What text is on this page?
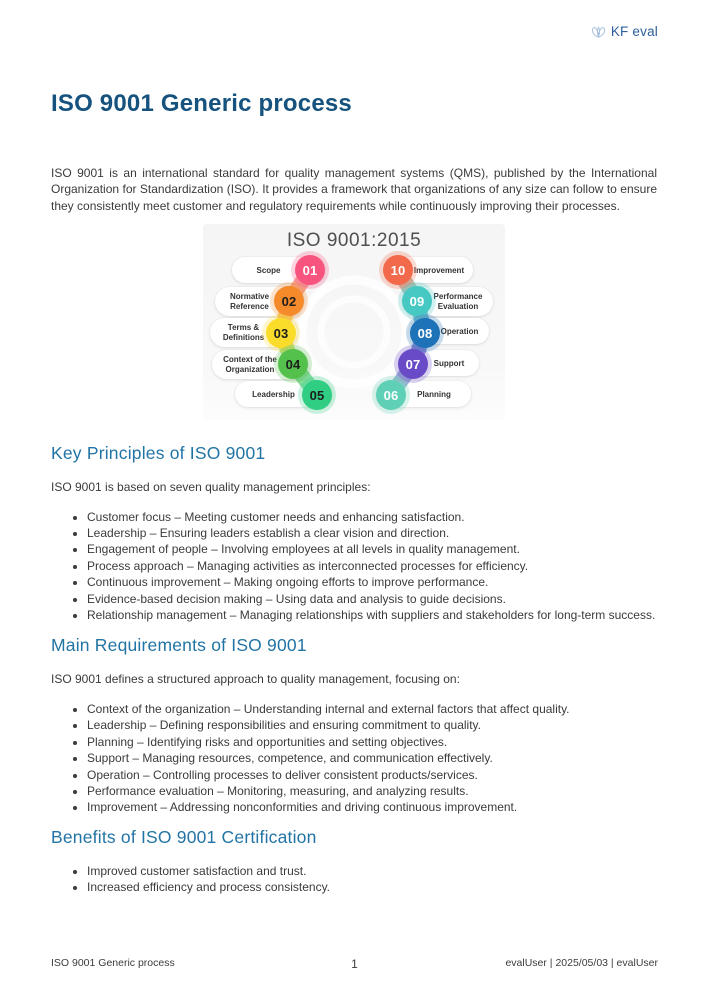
KF eval
ISO 9001 Generic process

ISO 9001 is an international standard for quality management systems (QMS), published by the International Organization for Standardization (ISO). It provides a framework that organizations of any size can follow to ensure they consistently meet customer and regulatory requirements while continuously improving their processes.

ISO 9001:2015
Scope
Normative Reference
Terms & Definitions
Context of the Organization
Leadership
Improvement
Performance Evaluation
Operation
Support
Planning
01
02
03
04
05
10
09
08
07
06
Key Principles of ISO 9001

ISO 9001 is based on seven quality management principles:

• Customer focus – Meeting customer needs and enhancing satisfaction.
• Leadership – Ensuring leaders establish a clear vision and direction.
• Engagement of people – Involving employees at all levels in quality management.
• Process approach – Managing activities as interconnected processes for efficiency.
• Continuous improvement – Making ongoing efforts to improve performance.
• Evidence-based decision making – Using data and analysis to guide decisions.
• Relationship management – Managing relationships with suppliers and stakeholders for long-term success.
Main Requirements of ISO 9001

ISO 9001 defines a structured approach to quality management, focusing on:

• Context of the organization – Understanding internal and external factors that affect quality.
• Leadership – Defining responsibilities and ensuring commitment to quality.
• Planning – Identifying risks and opportunities and setting objectives.
• Support – Managing resources, competence, and communication effectively.
• Operation – Controlling processes to deliver consistent products/services.
• Performance evaluation – Monitoring, measuring, and analyzing results.
• Improvement – Addressing nonconformities and driving continuous improvement.
Benefits of ISO 9001 Certification
• Improved customer satisfaction and trust.
• Increased efficiency and process consistency.
ISO 9001 Generic process	1	evalUser | 2025/05/03 | evalUser
